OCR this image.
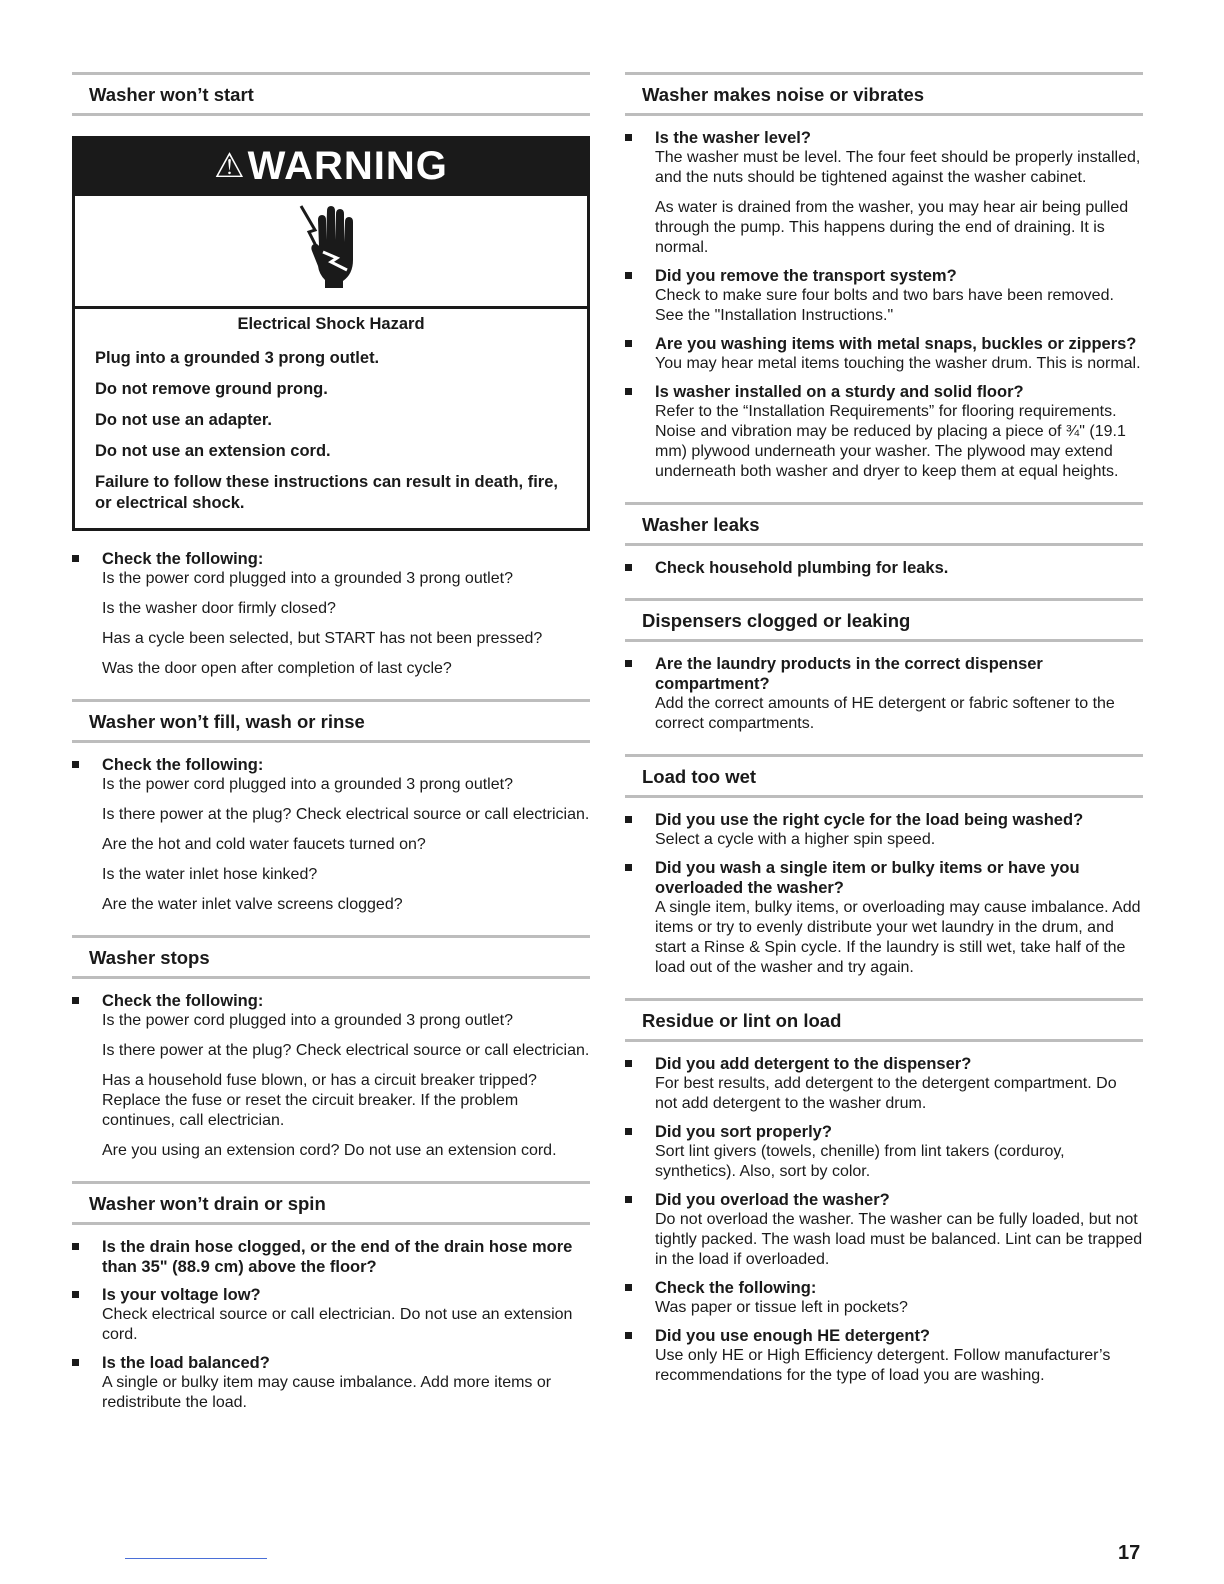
Washer won’t start
⚠WARNING
Electrical Shock Hazard
Plug into a grounded 3 prong outlet.
Do not remove ground prong.
Do not use an adapter.
Do not use an extension cord.
Failure to follow these instructions can result in death, fire, or electrical shock.
Check the following:
Is the power cord plugged into a grounded 3 prong outlet?
Is the washer door firmly closed?
Has a cycle been selected, but START has not been pressed?
Was the door open after completion of last cycle?
Washer won’t fill, wash or rinse
Check the following:
Is the power cord plugged into a grounded 3 prong outlet?
Is there power at the plug? Check electrical source or call electrician.
Are the hot and cold water faucets turned on?
Is the water inlet hose kinked?
Are the water inlet valve screens clogged?
Washer stops
Check the following:
Is the power cord plugged into a grounded 3 prong outlet?
Is there power at the plug? Check electrical source or call electrician.
Has a household fuse blown, or has a circuit breaker tripped? Replace the fuse or reset the circuit breaker. If the problem continues, call electrician.
Are you using an extension cord? Do not use an extension cord.
Washer won’t drain or spin
Is the drain hose clogged, or the end of the drain hose more than 35" (88.9 cm) above the floor?
Is your voltage low?
Check electrical source or call electrician. Do not use an extension cord.
Is the load balanced?
A single or bulky item may cause imbalance. Add more items or redistribute the load.
Washer makes noise or vibrates
Is the washer level?
The washer must be level. The four feet should be properly installed, and the nuts should be tightened against the washer cabinet.
As water is drained from the washer, you may hear air being pulled through the pump. This happens during the end of draining. It is normal.
Did you remove the transport system?
Check to make sure four bolts and two bars have been removed. See the "Installation Instructions."
Are you washing items with metal snaps, buckles or zippers?
You may hear metal items touching the washer drum. This is normal.
Is washer installed on a sturdy and solid floor?
Refer to the “Installation Requirements” for flooring requirements. Noise and vibration may be reduced by placing a piece of ¾" (19.1 mm) plywood underneath your washer. The plywood may extend underneath both washer and dryer to keep them at equal heights.
Washer leaks
Check household plumbing for leaks.
Dispensers clogged or leaking
Are the laundry products in the correct dispenser compartment?
Add the correct amounts of HE detergent or fabric softener to the correct compartments.
Load too wet
Did you use the right cycle for the load being washed?
Select a cycle with a higher spin speed.
Did you wash a single item or bulky items or have you overloaded the washer?
A single item, bulky items, or overloading may cause imbalance. Add items or try to evenly distribute your wet laundry in the drum, and start a Rinse & Spin cycle. If the laundry is still wet, take half of the load out of the washer and try again.
Residue or lint on load
Did you add detergent to the dispenser?
For best results, add detergent to the detergent compartment. Do not add detergent to the washer drum.
Did you sort properly?
Sort lint givers (towels, chenille) from lint takers (corduroy, synthetics). Also, sort by color.
Did you overload the washer?
Do not overload the washer. The washer can be fully loaded, but not tightly packed. The wash load must be balanced. Lint can be trapped in the load if overloaded.
Check the following:
Was paper or tissue left in pockets?
Did you use enough HE detergent?
Use only HE or High Efficiency detergent. Follow manufacturer’s recommendations for the type of load you are washing.
17
